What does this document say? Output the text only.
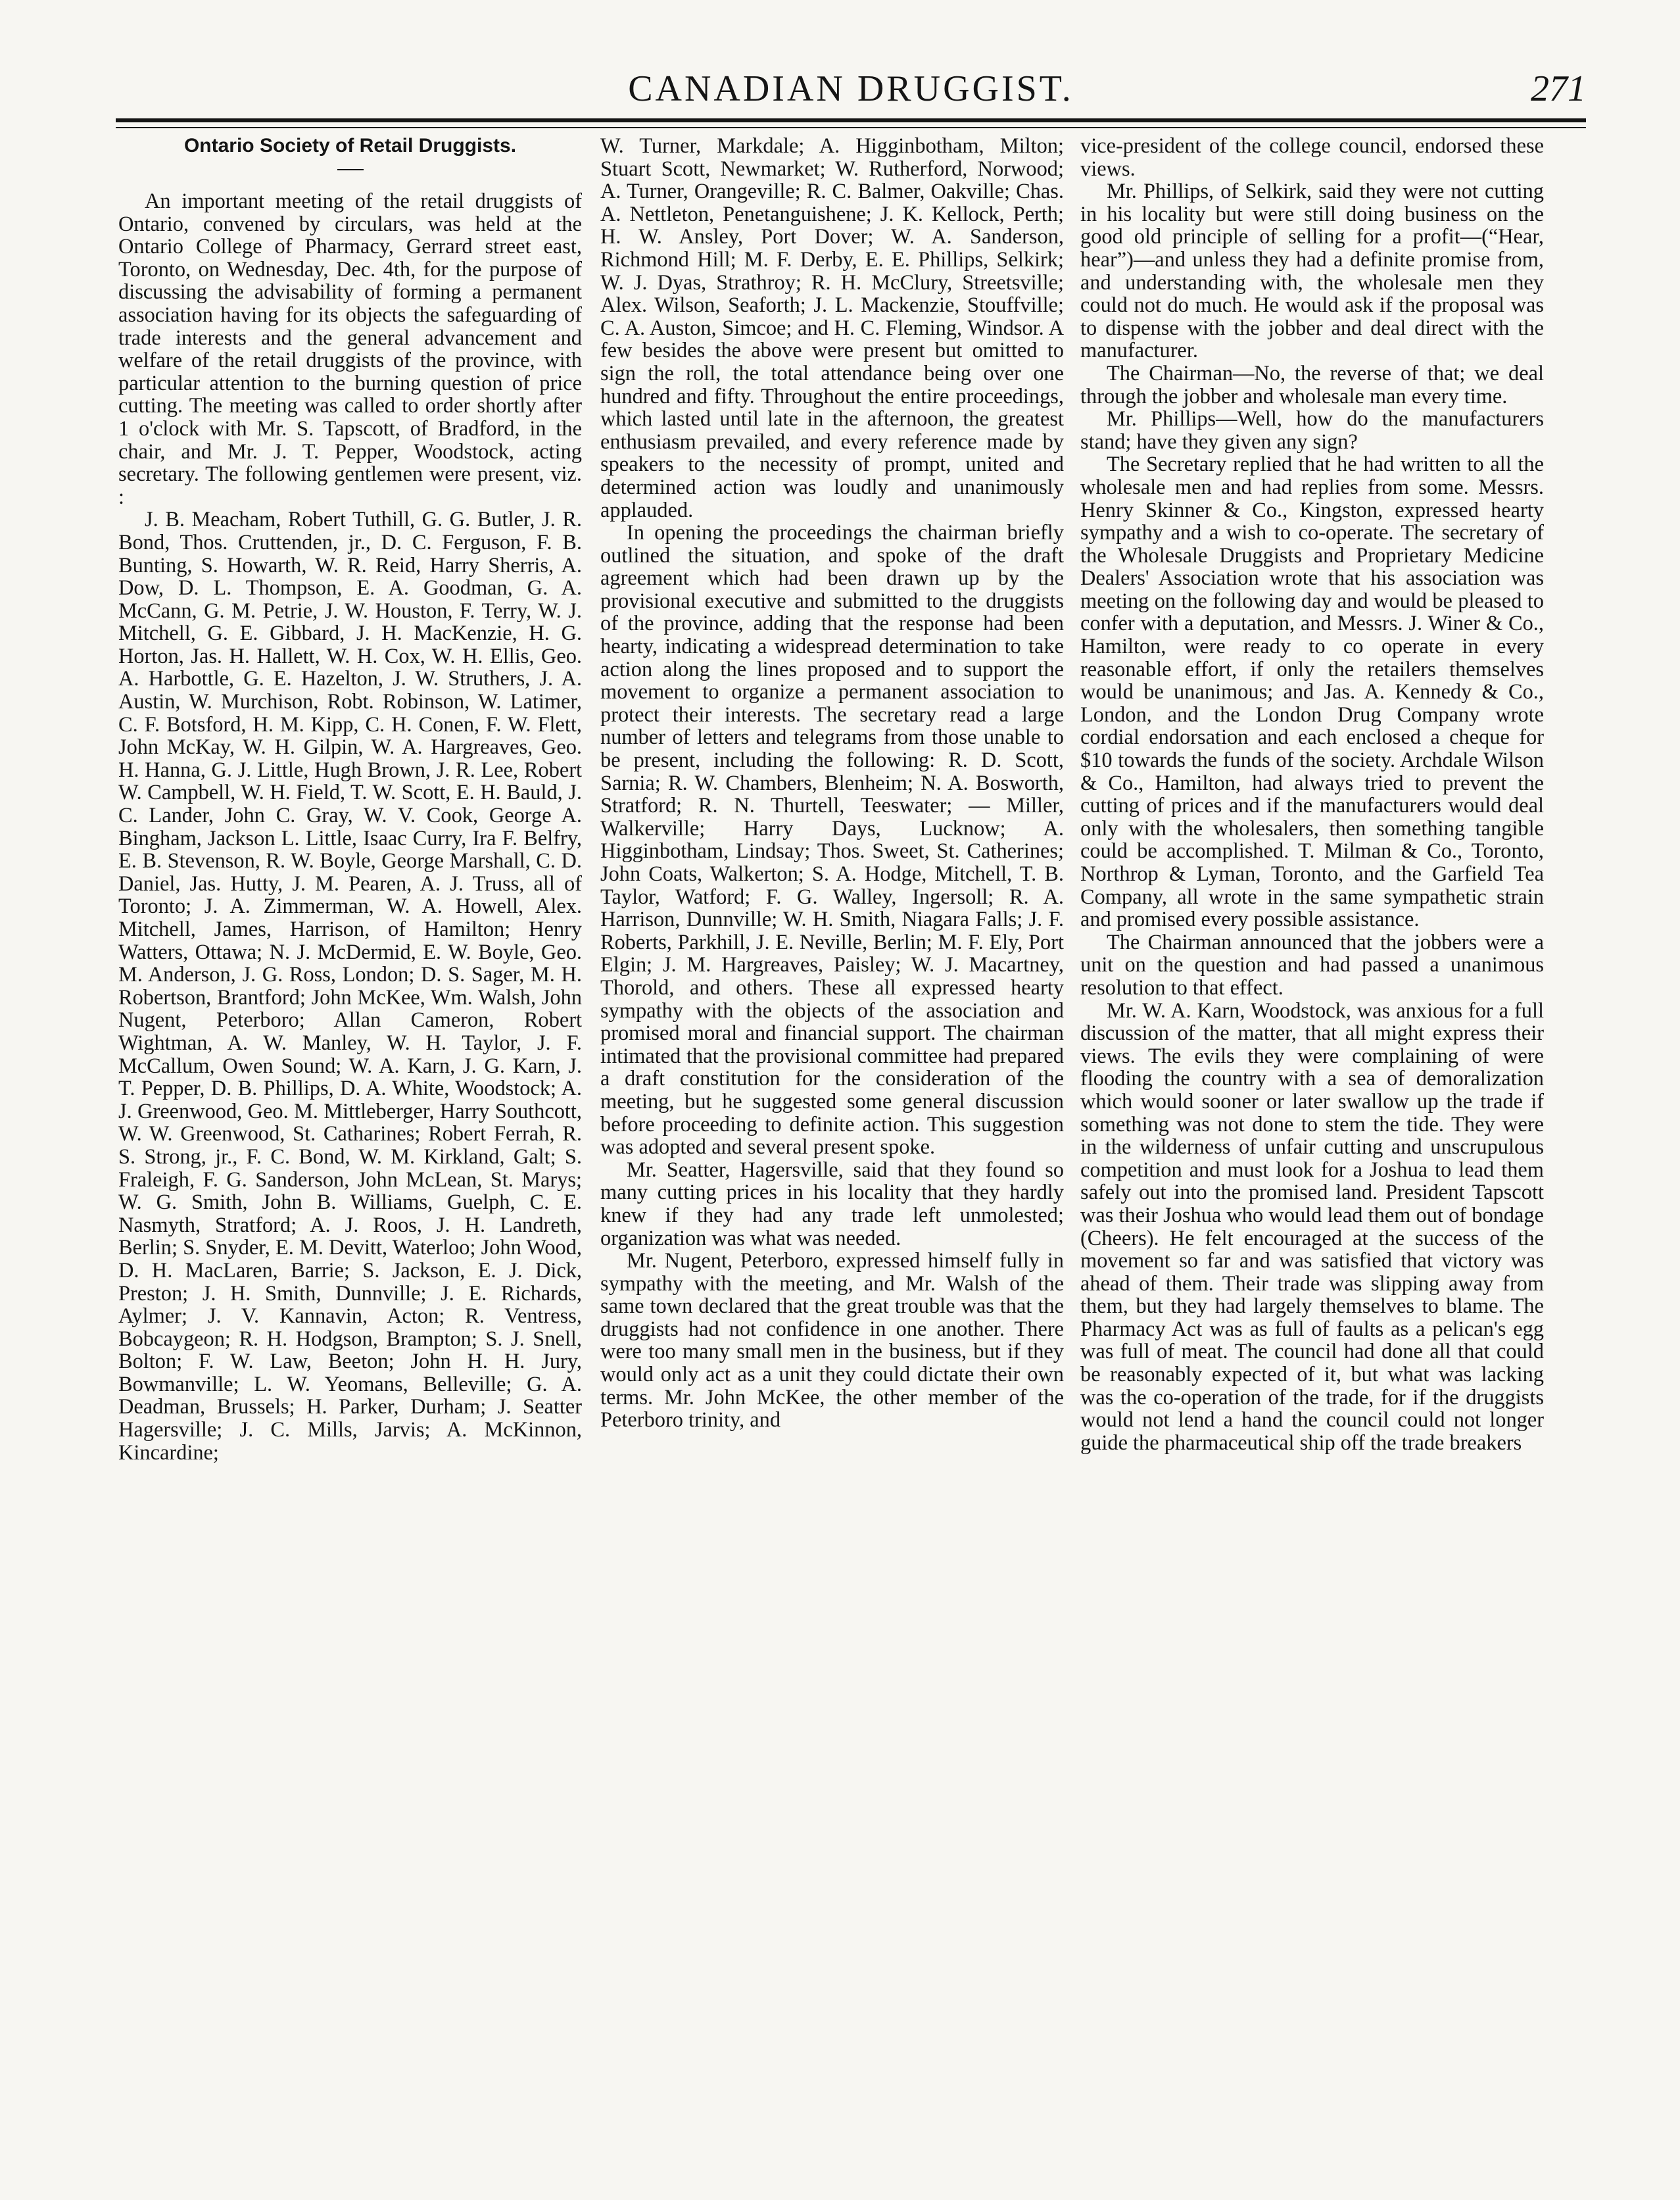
CANADIAN DRUGGIST.	271
Ontario Society of Retail Druggists.

An important meeting of the retail druggists of Ontario, convened by circulars, was held at the Ontario College of Pharmacy, Gerrard street east, Toronto, on Wednesday, Dec. 4th, for the purpose of discussing the advisability of forming a permanent association having for its objects the safeguarding of trade interests and the general advancement and welfare of the retail druggists of the province, with particular attention to the burning question of price cutting. The meeting was called to order shortly after 1 o'clock with Mr. S. Tapscott, of Bradford, in the chair, and Mr. J. T. Pepper, Woodstock, acting secretary. The following gentlemen were present, viz. :

J. B. Meacham, Robert Tuthill, G. G. Butler, J. R. Bond, Thos. Cruttenden, jr., D. C. Ferguson, F. B. Bunting, S. Howarth, W. R. Reid, Harry Sherris, A. Dow, D. L. Thompson, E. A. Goodman, G. A. McCann, G. M. Petrie, J. W. Houston, F. Terry, W. J. Mitchell, G. E. Gibbard, J. H. MacKenzie, H. G. Horton, Jas. H. Hallett, W. H. Cox, W. H. Ellis, Geo. A. Harbottle, G. E. Hazelton, J. W. Struthers, J. A. Austin, W. Murchison, Robt. Robinson, W. Latimer, C. F. Botsford, H. M. Kipp, C. H. Conen, F. W. Flett, John McKay, W. H. Gilpin, W. A. Hargreaves, Geo. H. Hanna, G. J. Little, Hugh Brown, J. R. Lee, Robert W. Campbell, W. H. Field, T. W. Scott, E. H. Bauld, J. C. Lander, John C. Gray, W. V. Cook, George A. Bingham, Jackson L. Little, Isaac Curry, Ira F. Belfry, E. B. Stevenson, R. W. Boyle, George Marshall, C. D. Daniel, Jas. Hutty, J. M. Pearen, A. J. Truss, all of Toronto; J. A. Zimmerman, W. A. Howell, Alex. Mitchell, James, Harrison, of Hamilton; Henry Watters, Ottawa; N. J. McDermid, E. W. Boyle, Geo. M. Anderson, J. G. Ross, London; D. S. Sager, M. H. Robertson, Brantford; John McKee, Wm. Walsh, John Nugent, Peterboro; Allan Cameron, Robert Wightman, A. W. Manley, W. H. Taylor, J. F. McCallum, Owen Sound; W. A. Karn, J. G. Karn, J. T. Pepper, D. B. Phillips, D. A. White, Woodstock; A. J. Greenwood, Geo. M. Mittleberger, Harry Southcott, W. W. Greenwood, St. Catharines; Robert Ferrah, R. S. Strong, jr., F. C. Bond, W. M. Kirkland, Galt; S. Fraleigh, F. G. Sanderson, John McLean, St. Marys; W. G. Smith, John B. Williams, Guelph, C. E. Nasmyth, Stratford; A. J. Roos, J. H. Landreth, Berlin; S. Snyder, E. M. Devitt, Waterloo; John Wood, D. H. MacLaren, Barrie; S. Jackson, E. J. Dick, Preston; J. H. Smith, Dunnville; J. E. Richards, Aylmer; J. V. Kannavin, Acton; R. Ventress, Bobcaygeon; R. H. Hodgson, Brampton; S. J. Snell, Bolton; F. W. Law, Beeton; John H. H. Jury, Bowmanville; L. W. Yeomans, Belleville; G. A. Deadman, Brussels; H. Parker, Durham; J. Seatter Hagersville; J. C. Mills, Jarvis; A. McKinnon, Kincardine;

W. Turner, Markdale; A. Higginbotham, Milton; Stuart Scott, Newmarket; W. Rutherford, Norwood; A. Turner, Orangeville; R. C. Balmer, Oakville; Chas. A. Nettleton, Penetanguishene; J. K. Kellock, Perth; H. W. Ansley, Port Dover; W. A. Sanderson, Richmond Hill; M. F. Derby, E. E. Phillips, Selkirk; W. J. Dyas, Strathroy; R. H. McClury, Streetsville; Alex. Wilson, Seaforth; J. L. Mackenzie, Stouffville; C. A. Auston, Simcoe; and H. C. Fleming, Windsor. A few besides the above were present but omitted to sign the roll, the total attendance being over one hundred and fifty. Throughout the entire proceedings, which lasted until late in the afternoon, the greatest enthusiasm prevailed, and every reference made by speakers to the necessity of prompt, united and determined action was loudly and unanimously applauded.

In opening the proceedings the chairman briefly outlined the situation, and spoke of the draft agreement which had been drawn up by the provisional executive and submitted to the druggists of the province, adding that the response had been hearty, indicating a widespread determination to take action along the lines proposed and to support the movement to organize a permanent association to protect their interests. The secretary read a large number of letters and telegrams from those unable to be present, including the following: R. D. Scott, Sarnia; R. W. Chambers, Blenheim; N. A. Bosworth, Stratford; R. N. Thurtell, Teeswater; — Miller, Walkerville; Harry Days, Lucknow; A. Higginbotham, Lindsay; Thos. Sweet, St. Catherines; John Coats, Walkerton; S. A. Hodge, Mitchell, T. B. Taylor, Watford; F. G. Walley, Ingersoll; R. A. Harrison, Dunnville; W. H. Smith, Niagara Falls; J. F. Roberts, Parkhill, J. E. Neville, Berlin; M. F. Ely, Port Elgin; J. M. Hargreaves, Paisley; W. J. Macartney, Thorold, and others. These all expressed hearty sympathy with the objects of the association and promised moral and financial support. The chairman intimated that the provisional committee had prepared a draft constitution for the consideration of the meeting, but he suggested some general discussion before proceeding to definite action. This suggestion was adopted and several present spoke.

Mr. Seatter, Hagersville, said that they found so many cutting prices in his locality that they hardly knew if they had any trade left unmolested; organization was what was needed.

Mr. Nugent, Peterboro, expressed himself fully in sympathy with the meeting, and Mr. Walsh of the same town declared that the great trouble was that the druggists had not confidence in one another. There were too many small men in the business, but if they would only act as a unit they could dictate their own terms. Mr. John McKee, the other member of the Peterboro trinity, and

vice-president of the college council, endorsed these views.

Mr. Phillips, of Selkirk, said they were not cutting in his locality but were still doing business on the good old principle of selling for a profit—(“Hear, hear”)—and unless they had a definite promise from, and understanding with, the wholesale men they could not do much. He would ask if the proposal was to dispense with the jobber and deal direct with the manufacturer.

The Chairman—No, the reverse of that; we deal through the jobber and wholesale man every time.

Mr. Phillips—Well, how do the manufacturers stand; have they given any sign?

The Secretary replied that he had written to all the wholesale men and had replies from some. Messrs. Henry Skinner & Co., Kingston, expressed hearty sympathy and a wish to co-operate. The secretary of the Wholesale Druggists and Proprietary Medicine Dealers' Association wrote that his association was meeting on the following day and would be pleased to confer with a deputation, and Messrs. J. Winer & Co., Hamilton, were ready to co operate in every reasonable effort, if only the retailers themselves would be unanimous; and Jas. A. Kennedy & Co., London, and the London Drug Company wrote cordial endorsation and each enclosed a cheque for $10 towards the funds of the society. Archdale Wilson & Co., Hamilton, had always tried to prevent the cutting of prices and if the manufacturers would deal only with the wholesalers, then something tangible could be accomplished. T. Milman & Co., Toronto, Northrop & Lyman, Toronto, and the Garfield Tea Company, all wrote in the same sympathetic strain and promised every possible assistance.

The Chairman announced that the jobbers were a unit on the question and had passed a unanimous resolution to that effect.

Mr. W. A. Karn, Woodstock, was anxious for a full discussion of the matter, that all might express their views. The evils they were complaining of were flooding the country with a sea of demoralization which would sooner or later swallow up the trade if something was not done to stem the tide. They were in the wilderness of unfair cutting and unscrupulous competition and must look for a Joshua to lead them safely out into the promised land. President Tapscott was their Joshua who would lead them out of bondage (Cheers). He felt encouraged at the success of the movement so far and was satisfied that victory was ahead of them. Their trade was slipping away from them, but they had largely themselves to blame. The Pharmacy Act was as full of faults as a pelican's egg was full of meat. The council had done all that could be reasonably expected of it, but what was lacking was the co-operation of the trade, for if the druggists would not lend a hand the council could not longer guide the pharmaceutical ship off the trade breakers
